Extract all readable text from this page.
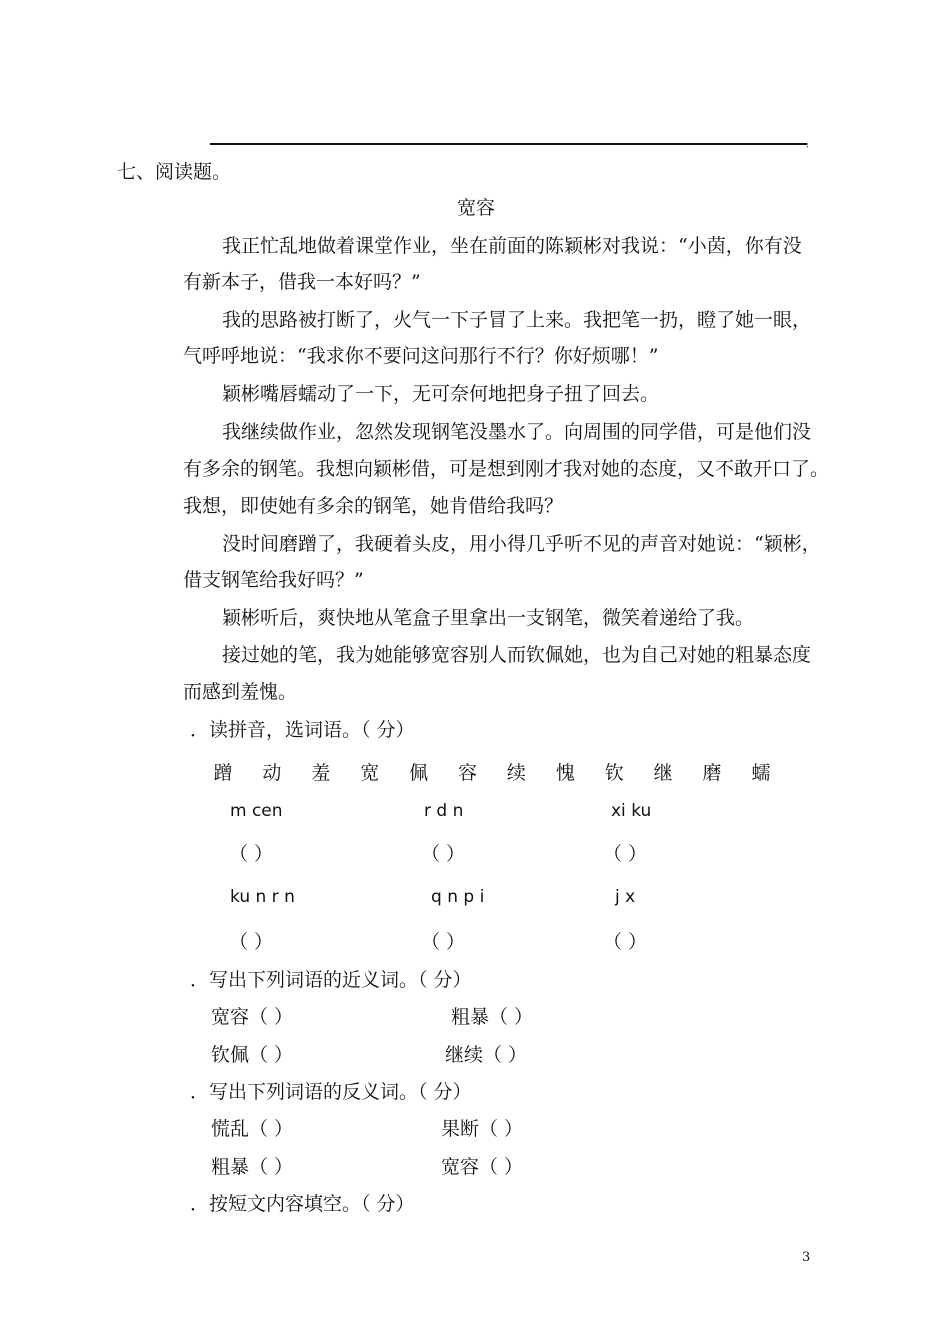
七、阅读题。
宽容
我正忙乱地做着课堂作业，坐在前面的陈颖彬对我说：“小茵，你有没
有新本子，借我一本好吗？”
我的思路被打断了，火气一下子冒了上来。我把笔一扔，瞪了她一眼，
气呼呼地说：“我求你不要问这问那行不行？你好烦哪！”
颖彬嘴唇蠕动了一下，无可奈何地把身子扭了回去。
我继续做作业，忽然发现钢笔没墨水了。向周围的同学借，可是他们没
有多余的钢笔。我想向颖彬借，可是想到刚才我对她的态度，又不敢开口了。
我想，即使她有多余的钢笔，她肯借给我吗？
没时间磨蹭了，我硬着头皮，用小得几乎听不见的声音对她说：“颖彬，
借支钢笔给我好吗？”
颖彬听后，爽快地从笔盒子里拿出一支钢笔，微笑着递给了我。
接过她的笔，我为她能够宽容别人而钦佩她，也为自己对她的粗暴态度
而感到羞愧。
．读拼音，选词语。（ 分）
蹭 动 羞 宽 佩 容 续 愧 钦 继 磨 蠕
m cen	r d n	xi ku
（ ）	（ ）	（ ）
ku n r n	q n p i	j x
（ ）	（ ）	（ ）
．写出下列词语的近义词。（ 分）
宽容（ ）	粗暴（ ）
钦佩（ ）	继续（ ）
．写出下列词语的反义词。（ 分）
慌乱（ ）	果断（ ）
粗暴（ ）	宽容（ ）
．按短文内容填空。（ 分）
3
